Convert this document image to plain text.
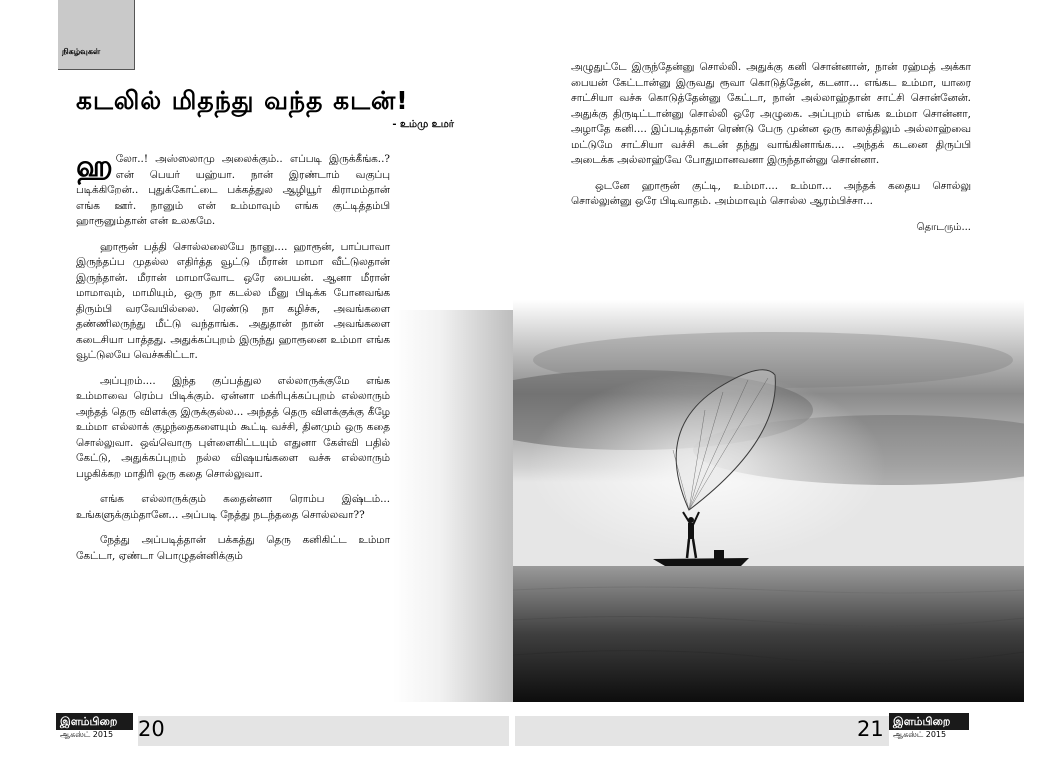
நிகழ்வுகள்
கடலில் மிதந்து வந்த கடன்!
- உம்மு உமர்

ஹலோ..! அஸ்ஸலாமு அலைக்கும்.. எப்படி இருக்கீங்க..? என் பெயர் யஹ்யா. நான் இரண்டாம் வகுப்பு படிக்கிறேன்.. புதுக்கோட்டை பக்கத்துல ஆழியூர் கிராமம்தான் எங்க ஊர். நானும் என் உம்மாவும் எங்க குட்டித்தம்பி ஹாரூனும்தான் என் உலகமே.

ஹாரூன் பத்தி சொல்லலையே நானு.... ஹாரூன், பாப்பாவா இருந்தப்ப முதல்ல எதிர்த்த வூட்டு மீரான் மாமா வீட்டுலதான் இருந்தான். மீரான் மாமாவோட ஒரே பையன். ஆனா மீரான் மாமாவும், மாமியும், ஒரு நா கடல்ல மீனு பிடிக்க போனவங்க திரும்பி வரவேயில்லை. ரெண்டு நா கழிச்சு, அவங்களை தண்ணிலருந்து மீட்டு வந்தாங்க. அதுதான் நான் அவங்களை கடைசியா பாத்தது. அதுக்கப்புறம் இருந்து ஹாரூனை உம்மா எங்க வூட்டுலயே வெச்சுகிட்டா.

அப்புறம்.... இந்த குப்பத்துல எல்லாருக்குமே எங்க உம்மாவை ரெம்ப பிடிக்கும். ஏன்னா மக்ரிபுக்கப்புறம் எல்லாரும் அந்தத் தெரு விளக்கு இருக்குல்ல... அந்தத் தெரு விளக்குக்கு கீழே உம்மா எல்லாக் குழந்தைகளையும் கூட்டி வச்சி, தினமும் ஒரு கதை சொல்லுவா. ஒவ்வொரு புள்ளைகிட்டயும் எதுனா கேள்வி பதில் கேட்டு, அதுக்கப்புறம் நல்ல விஷயங்களை வச்சு எல்லாரும் பழகிக்கற மாதிரி ஒரு கதை சொல்லுவா.

எங்க எல்லாருக்கும் கதைன்னா ரொம்ப இஷ்டம்... உங்களுக்கும்தானே... அப்படி நேத்து நடந்ததை சொல்லவா??

நேத்து அப்படித்தான் பக்கத்து தெரு கனிகிட்ட உம்மா கேட்டா, ஏண்டா பொழுதன்னிக்கும்

அழுதுட்டே இருந்தேன்னு சொல்லி. அதுக்கு கனி சொன்னான், நான் ரஹ்மத் அக்கா பையன் கேட்டான்னு இருவது ரூவா கொடுத்தேன், கடனா... எங்கட உம்மா, யாரை சாட்சியா வச்சு கொடுத்தேன்னு கேட்டா, நான் அல்லாஹ்தான் சாட்சி சொன்னேன். அதுக்கு திருடிட்டான்னு சொல்லி ஒரே அழுகை. அப்புறம் எங்க உம்மா சொன்னா, அழாதே கனி.... இப்படித்தான் ரெண்டு பேரு முன்ன ஒரு காலத்திலும் அல்லாஹ்வை மட்டுமே சாட்சியா வச்சி கடன் தந்து வாங்கினாங்க.... அந்தக் கடனை திருப்பி அடைக்க அல்லாஹ்வே போதுமானவனா இருந்தான்னு சொன்னா.

ஒடனே ஹாரூன் குட்டி, உம்மா.... உம்மா... அந்தக் கதைய சொல்லு சொல்லுன்னு ஒரே பிடிவாதம். அம்மாவும் சொல்ல ஆரம்பிச்சா...

தொடரும்...

இளம்பிறை
ஆகஸ்ட் 2015	20	21 இளம்பிறை
ஆகஸ்ட் 2015
